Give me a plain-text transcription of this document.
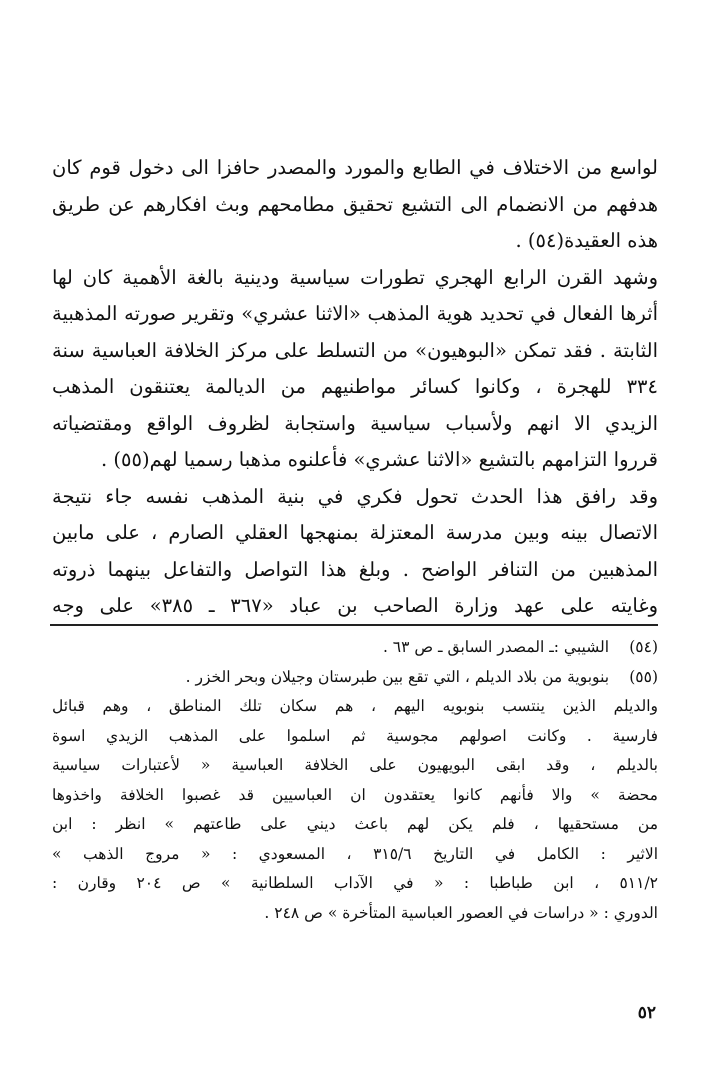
لواسع من الاختلاف في الطابع والمورد والمصدر حافزا الى دخول قوم كان
هدفهم من الانضمام الى التشيع تحقيق مطامحهم وبث افكارهم عن طريق
هذه العقيدة(٥٤) .
وشهد القرن الرابع الهجري تطورات سياسية ودينية بالغة الأهمية كان لها
أثرها الفعال في تحديد هوية المذهب «الاثنا عشري» وتقرير صورته المذهبية
الثابتة . فقد تمكن «البوهيون» من التسلط على مركز الخلافة العباسية سنة
٣٣٤ للهجرة ، وكانوا كسائر مواطنيهم من الديالمة يعتنقون المذهب
الزيدي الا انهم ولأسباب سياسية واستجابة لظروف الواقع ومقتضياته
قرروا التزامهم بالتشيع «الاثنا عشري» فأعلنوه مذهبا رسميا لهم(٥٥) .
وقد رافق هذا الحدث تحول فكري في بنية المذهب نفسه جاء نتيجة
الاتصال بينه وبين مدرسة المعتزلة بمنهجها العقلي الصارم ، على مابين
المذهبين من التنافر الواضح . وبلغ هذا التواصل والتفاعل بينهما ذروته
وغايته على عهد وزارة الصاحب بن عباد «٣٦٧ ـ ٣٨٥» على وجه
(٥٤) الشيبي :ـ المصدر السابق ـ ص ٦٣ .
(٥٥) بنوبوية من بلاد الديلم ، التي تقع بين طبرستان وجيلان وبحر الخزر .
والديلم الذين ينتسب بنوبويه اليهم ، هم سكان تلك المناطق ، وهم قبائل
فارسية . وكانت اصولهم مجوسية ثم اسلموا على المذهب الزيدي اسوة
بالديلم ، وقد ابقى البويهيون على الخلافة العباسية « لأعتبارات سياسية
محضة » والا فأنهم كانوا يعتقدون ان العباسيين قد غصبوا الخلافة واخذوها
من مستحقيها ، فلم يكن لهم باعث ديني على طاعتهم » انظر : ابن
الاثير : الكامل في التاريخ ٣١٥/٦ ، المسعودي : « مروج الذهب »
٥١١/٢ ، ابن طباطبا : « في الآداب السلطانية » ص ٢٠٤ وقارن :
الدوري : « دراسات في العصور العباسية المتأخرة » ص ٢٤٨ .
٥٢
